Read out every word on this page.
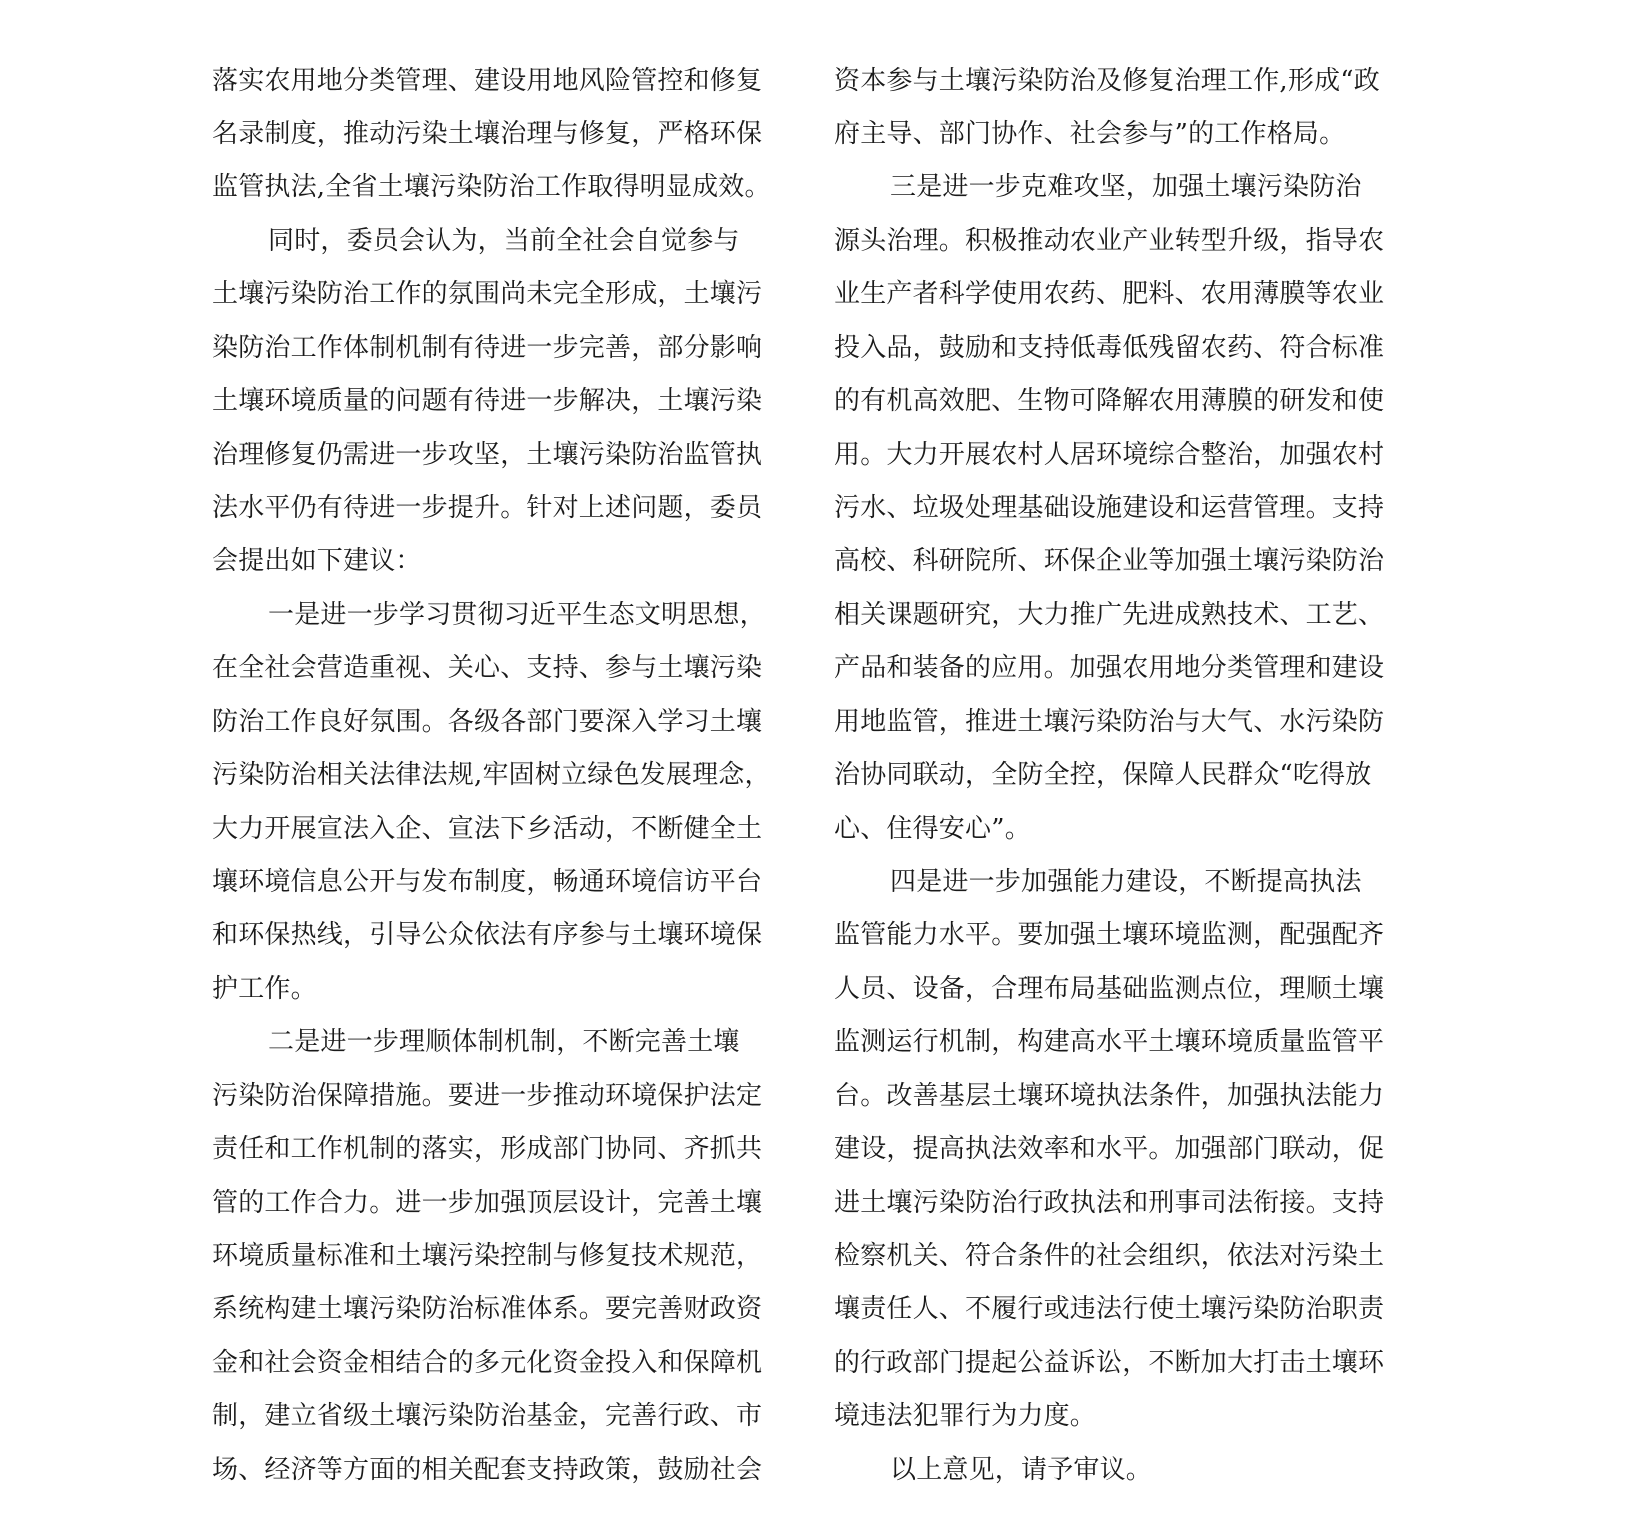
落实农用地分类管理、建设用地风险管控和修复
名录制度，推动污染土壤治理与修复，严格环保
监管执法,全省土壤污染防治工作取得明显成效。
同时，委员会认为，当前全社会自觉参与
土壤污染防治工作的氛围尚未完全形成，土壤污
染防治工作体制机制有待进一步完善，部分影响
土壤环境质量的问题有待进一步解决，土壤污染
治理修复仍需进一步攻坚，土壤污染防治监管执
法水平仍有待进一步提升。针对上述问题，委员
会提出如下建议：
一是进一步学习贯彻习近平生态文明思想，
在全社会营造重视、关心、支持、参与土壤污染
防治工作良好氛围。各级各部门要深入学习土壤
污染防治相关法律法规,牢固树立绿色发展理念，
大力开展宣法入企、宣法下乡活动，不断健全土
壤环境信息公开与发布制度，畅通环境信访平台
和环保热线，引导公众依法有序参与土壤环境保
护工作。
二是进一步理顺体制机制，不断完善土壤
污染防治保障措施。要进一步推动环境保护法定
责任和工作机制的落实，形成部门协同、齐抓共
管的工作合力。进一步加强顶层设计，完善土壤
环境质量标准和土壤污染控制与修复技术规范，
系统构建土壤污染防治标准体系。要完善财政资
金和社会资金相结合的多元化资金投入和保障机
制，建立省级土壤污染防治基金，完善行政、市
场、经济等方面的相关配套支持政策，鼓励社会
资本参与土壤污染防治及修复治理工作,形成“政
府主导、部门协作、社会参与”的工作格局。
三是进一步克难攻坚，加强土壤污染防治
源头治理。积极推动农业产业转型升级，指导农
业生产者科学使用农药、肥料、农用薄膜等农业
投入品，鼓励和支持低毒低残留农药、符合标准
的有机高效肥、生物可降解农用薄膜的研发和使
用。大力开展农村人居环境综合整治，加强农村
污水、垃圾处理基础设施建设和运营管理。支持
高校、科研院所、环保企业等加强土壤污染防治
相关课题研究，大力推广先进成熟技术、工艺、
产品和装备的应用。加强农用地分类管理和建设
用地监管，推进土壤污染防治与大气、水污染防
治协同联动，全防全控，保障人民群众“吃得放
心、住得安心”。
四是进一步加强能力建设，不断提高执法
监管能力水平。要加强土壤环境监测，配强配齐
人员、设备，合理布局基础监测点位，理顺土壤
监测运行机制，构建高水平土壤环境质量监管平
台。改善基层土壤环境执法条件，加强执法能力
建设，提高执法效率和水平。加强部门联动，促
进土壤污染防治行政执法和刑事司法衔接。支持
检察机关、符合条件的社会组织，依法对污染土
壤责任人、不履行或违法行使土壤污染防治职责
的行政部门提起公益诉讼，不断加大打击土壤环
境违法犯罪行为力度。
以上意见，请予审议。
